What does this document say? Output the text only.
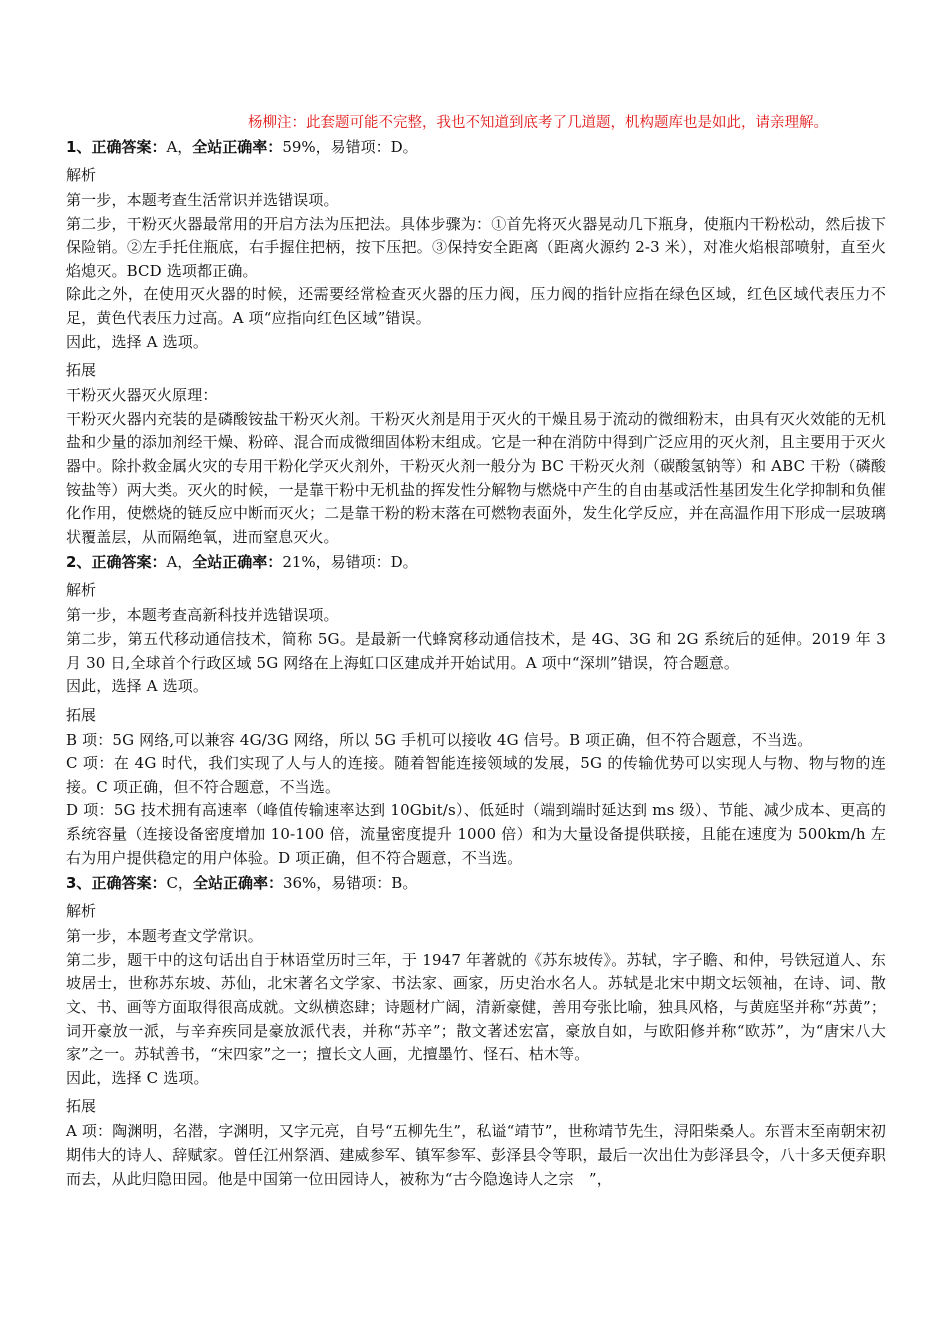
杨柳注：此套题可能不完整，我也不知道到底考了几道题，机构题库也是如此，请亲理解。
1、正确答案：A，全站正确率：59%，易错项：D。
解析

第一步，本题考查生活常识并选错误项。

第二步，干粉灭火器最常用的开启方法为压把法。具体步骤为：①首先将灭火器晃动几下瓶身，使瓶内干粉松动，然后拔下保险销。②左手托住瓶底，右手握住把柄，按下压把。③保持安全距离（距离火源约 2-3 米），对准火焰根部喷射，直至火焰熄灭。BCD 选项都正确。

除此之外，在使用灭火器的时候，还需要经常检查灭火器的压力阀，压力阀的指针应指在绿色区域，红色区域代表压力不足，黄色代表压力过高。A 项“应指向红色区域”错误。

因此，选择 A 选项。

拓展

干粉灭火器灭火原理：

干粉灭火器内充装的是磷酸铵盐干粉灭火剂。干粉灭火剂是用于灭火的干燥且易于流动的微细粉末，由具有灭火效能的无机盐和少量的添加剂经干燥、粉碎、混合而成微细固体粉末组成。它是一种在消防中得到广泛应用的灭火剂，且主要用于灭火器中。除扑救金属火灾的专用干粉化学灭火剂外，干粉灭火剂一般分为 BC 干粉灭火剂（碳酸氢钠等）和 ABC 干粉（磷酸铵盐等）两大类。灭火的时候，一是靠干粉中无机盐的挥发性分解物与燃烧中产生的自由基或活性基团发生化学抑制和负催化作用，使燃烧的链反应中断而灭火；二是靠干粉的粉末落在可燃物表面外，发生化学反应，并在高温作用下形成一层玻璃状覆盖层，从而隔绝氧，进而窒息灭火。

2、正确答案：A，全站正确率：21%，易错项：D。
解析

第一步，本题考查高新科技并选错误项。

第二步，第五代移动通信技术，简称 5G。是最新一代蜂窝移动通信技术，是 4G、3G 和 2G 系统后的延伸。2019 年 3 月 30 日,全球首个行政区域 5G 网络在上海虹口区建成并开始试用。A 项中“深圳”错误，符合题意。

因此，选择 A 选项。

拓展

B 项：5G 网络,可以兼容 4G/3G 网络，所以 5G 手机可以接收 4G 信号。B 项正确，但不符合题意，不当选。

C 项：在 4G 时代，我们实现了人与人的连接。随着智能连接领域的发展，5G 的传输优势可以实现人与物、物与物的连接。C 项正确，但不符合题意，不当选。

D 项：5G 技术拥有高速率（峰值传输速率达到 10Gbit/s）、低延时（端到端时延达到 ms 级）、节能、减少成本、更高的系统容量（连接设备密度增加 10-100 倍，流量密度提升 1000 倍）和为大量设备提供联接，且能在速度为 500km/h 左右为用户提供稳定的用户体验。D 项正确，但不符合题意，不当选。

3、正确答案：C，全站正确率：36%，易错项：B。
解析

第一步，本题考查文学常识。

第二步，题干中的这句话出自于林语堂历时三年，于 1947 年著就的《苏东坡传》。苏轼，字子瞻、和仲，号铁冠道人、东坡居士，世称苏东坡、苏仙，北宋著名文学家、书法家、画家，历史治水名人。苏轼是北宋中期文坛领袖，在诗、词、散文、书、画等方面取得很高成就。文纵横恣肆；诗题材广阔，清新豪健，善用夸张比喻，独具风格，与黄庭坚并称“苏黄”；词开豪放一派，与辛弃疾同是豪放派代表，并称“苏辛”；散文著述宏富，豪放自如，与欧阳修并称“欧苏”，为“唐宋八大家”之一。苏轼善书，“宋四家”之一；擅长文人画，尤擅墨竹、怪石、枯木等。

因此，选择 C 选项。

拓展

A 项：陶渊明，名潜，字渊明，又字元亮，自号“五柳先生”，私谥“靖节”，世称靖节先生，浔阳柴桑人。东晋末至南朝宋初期伟大的诗人、辞赋家。曾任江州祭酒、建威参军、镇军参军、彭泽县令等职，最后一次出仕为彭泽县令，八十多天便弃职而去，从此归隐田园。他是中国第一位田园诗人，被称为“古今隐逸诗人之宗　”，
